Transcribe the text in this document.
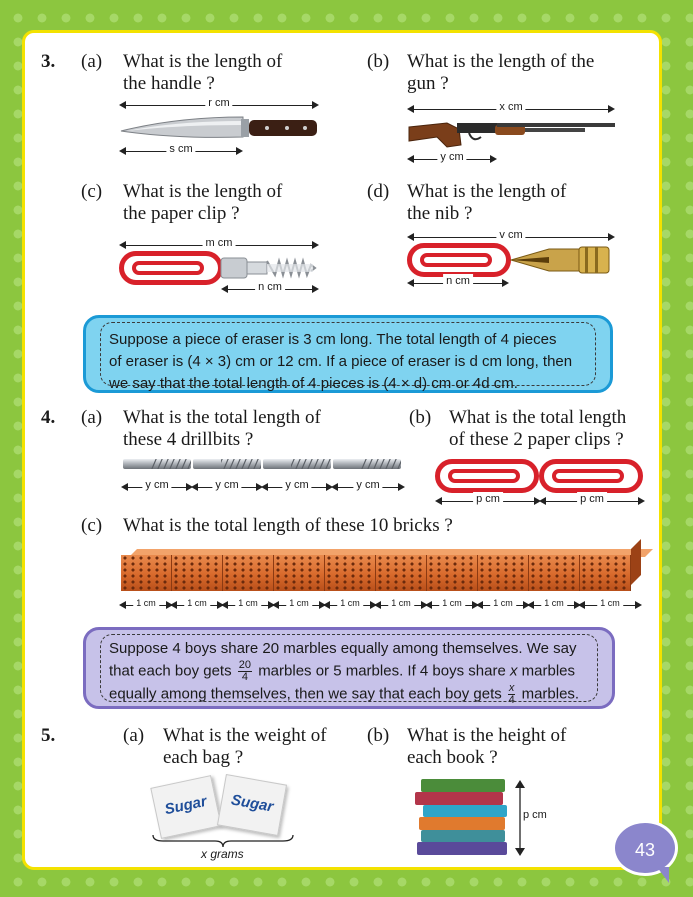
3. (a) What is the length of
the handle ?
r cm
s cm
(b) What is the length of the
gun ?
x cm
y cm
(c) What is the length of
the paper clip ?
m cm
n cm
(d) What is the length of
the nib ?
v cm
n cm
Suppose a piece of eraser is 3 cm long. The total length of 4 pieces
of eraser is (4 × 3) cm or 12 cm. If a piece of eraser is d cm long, then
we say that the total length of 4 pieces is (4 × d) cm or 4d cm.
4. (a) What is the total length of
these 4 drillbits ?
y cm	y cm	y cm	y cm
(b) What is the total length
of these 2 paper clips ?
p cm	p cm
(c) What is the total length of these 10 bricks ?
1 cm	1 cm	1 cm	1 cm	1 cm	1 cm	1 cm	1 cm	1 cm	1 cm
Suppose 4 boys share 20 marbles equally among themselves. We say
that each boy gets $\frac{20}{4}$ marbles or 5 marbles. If 4 boys share x marbles
equally among themselves, then we say that each boy gets $\frac{x}{4}$ marbles.
5.	(a) What is the weight of
each bag ?
Sugar	Sugar
x grams
(b) What is the height of
each book ?
p cm
43
